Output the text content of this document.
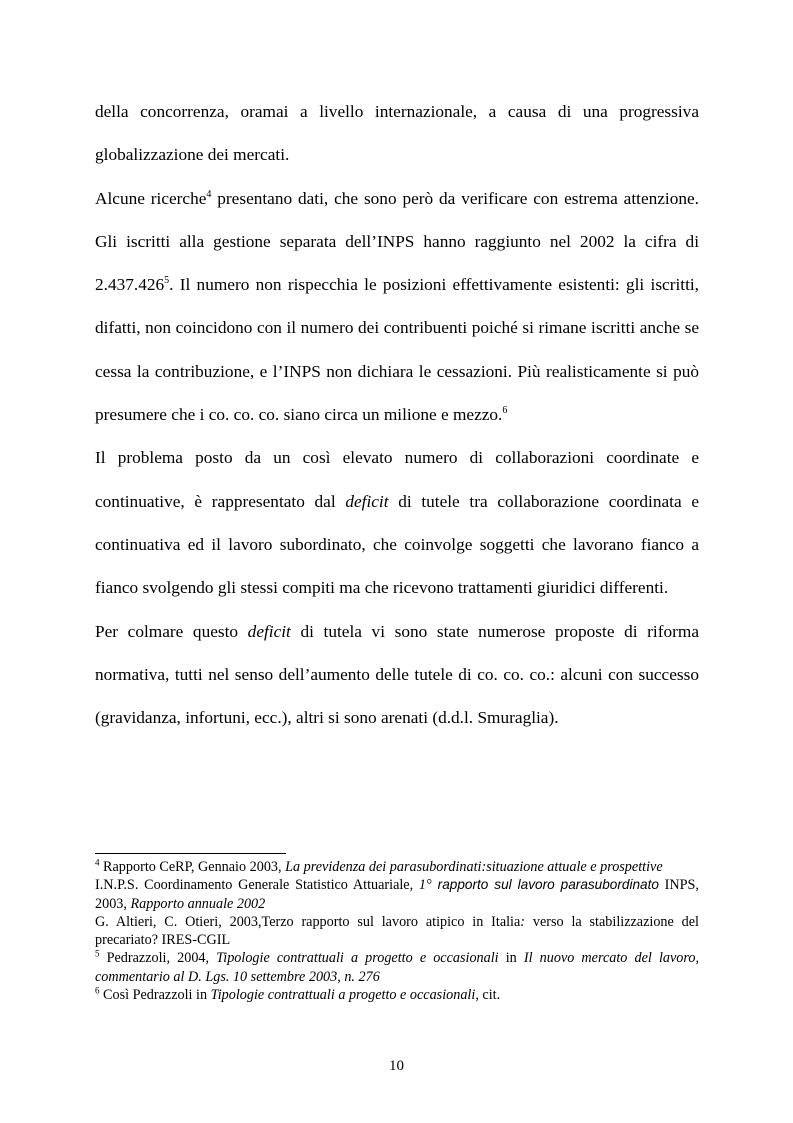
della concorrenza, oramai a livello internazionale, a causa di una progressiva globalizzazione dei mercati.

Alcune ricerche$^4$ presentano dati, che sono però da verificare con estrema attenzione. Gli iscritti alla gestione separata dell’INPS hanno raggiunto nel 2002 la cifra di 2.437.426$^5$. Il numero non rispecchia le posizioni effettivamente esistenti: gli iscritti, difatti, non coincidono con il numero dei contribuenti poiché si rimane iscritti anche se cessa la contribuzione, e l’INPS non dichiara le cessazioni. Più realisticamente si può presumere che i co. co. co. siano circa un milione e mezzo.$^6$

Il problema posto da un così elevato numero di collaborazioni coordinate e continuative, è rappresentato dal deficit di tutele tra collaborazione coordinata e continuativa ed il lavoro subordinato, che coinvolge soggetti che lavorano fianco a fianco svolgendo gli stessi compiti ma che ricevono trattamenti giuridici differenti.

Per colmare questo deficit di tutela vi sono state numerose proposte di riforma normativa, tutti nel senso dell’aumento delle tutele di co. co. co.: alcuni con successo (gravidanza, infortuni, ecc.), altri si sono arenati (d.d.l. Smuraglia).

$^4$ Rapporto CeRP, Gennaio 2003, La previdenza dei parasubordinati:situazione attuale e prospettive

I.N.P.S. Coordinamento Generale Statistico Attuariale, 1° rapporto sul lavoro parasubordinato INPS, 2003, Rapporto annuale 2002

G. Altieri, C. Otieri, 2003,Terzo rapporto sul lavoro atipico in Italia: verso la stabilizzazione del precariato? IRES-CGIL

$^5$ Pedrazzoli, 2004, Tipologie contrattuali a progetto e occasionali in Il nuovo mercato del lavoro, commentario al D. Lgs. 10 settembre 2003, n. 276

$^6$ Così Pedrazzoli in Tipologie contrattuali a progetto e occasionali, cit.

10
